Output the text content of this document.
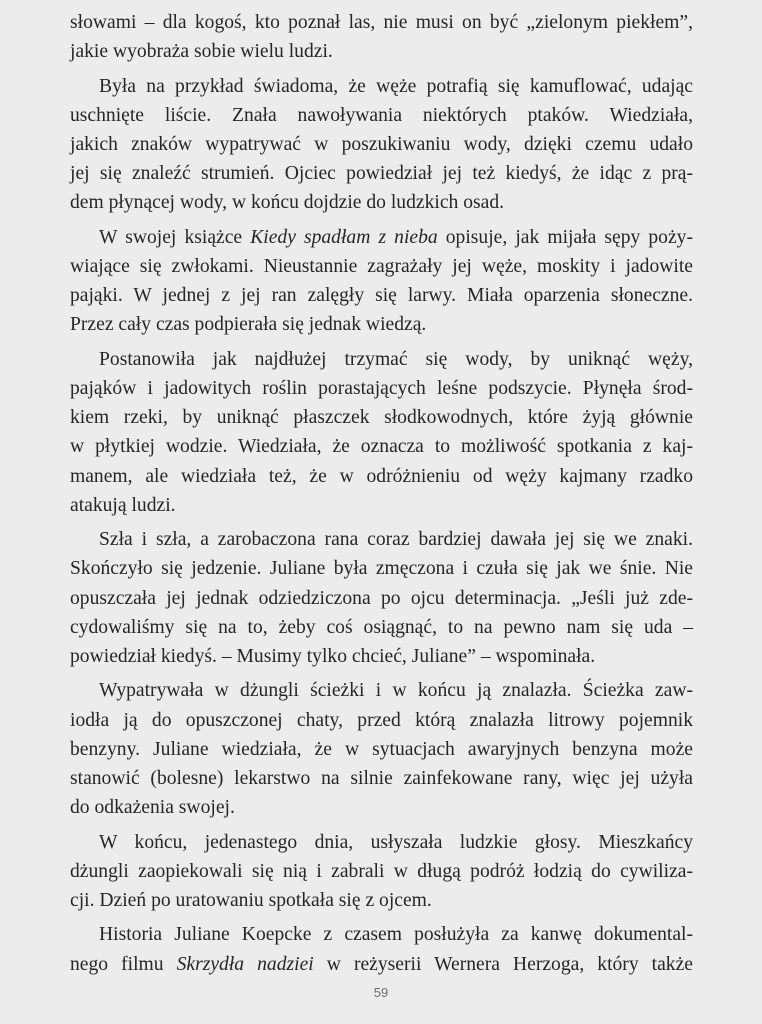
słowami – dla kogoś, kto poznał las, nie musi on być „zielonym piekłem”,
jakie wyobraża sobie wielu ludzi.

Była na przykład świadoma, że węże potrafią się kamuflować, udając
uschnięte liście. Znała nawoływania niektórych ptaków. Wiedziała,
jakich znaków wypatrywać w poszukiwaniu wody, dzięki czemu udało
jej się znaleźć strumień. Ojciec powiedział jej też kiedyś, że idąc z prą-
dem płynącej wody, w końcu dojdzie do ludzkich osad.

W swojej książce Kiedy spadłam z nieba opisuje, jak mijała sępy poży-
wiające się zwłokami. Nieustannie zagrażały jej węże, moskity i jadowite
pająki. W jednej z jej ran zalęgły się larwy. Miała oparzenia słoneczne.
Przez cały czas podpierała się jednak wiedzą.

Postanowiła jak najdłużej trzymać się wody, by uniknąć węży,
pająków i jadowitych roślin porastających leśne podszycie. Płynęła środ-
kiem rzeki, by uniknąć płaszczek słodkowodnych, które żyją głównie
w płytkiej wodzie. Wiedziała, że oznacza to możliwość spotkania z kaj-
manem, ale wiedziała też, że w odróżnieniu od węży kajmany rzadko
atakują ludzi.

Szła i szła, a zarobaczona rana coraz bardziej dawała jej się we znaki.
Skończyło się jedzenie. Juliane była zmęczona i czuła się jak we śnie. Nie
opuszczała jej jednak odziedziczona po ojcu determinacja. „Jeśli już zde-
cydowaliśmy się na to, żeby coś osiągnąć, to na pewno nam się uda –
powiedział kiedyś. – Musimy tylko chcieć, Juliane” – wspominała.

Wypatrywała w dżungli ścieżki i w końcu ją znalazła. Ścieżka zaw-
iodła ją do opuszczonej chaty, przed którą znalazła litrowy pojemnik
benzyny. Juliane wiedziała, że w sytuacjach awaryjnych benzyna może
stanowić (bolesne) lekarstwo na silnie zainfekowane rany, więc jej użyła
do odkażenia swojej.

W końcu, jedenastego dnia, usłyszała ludzkie głosy. Mieszkańcy
dżungli zaopiekowali się nią i zabrali w długą podróż łodzią do cywiliza-
cji. Dzień po uratowaniu spotkała się z ojcem.

Historia Juliane Koepcke z czasem posłużyła za kanwę dokumental-
nego filmu Skrzydła nadziei w reżyserii Wernera Herzoga, który także

59
